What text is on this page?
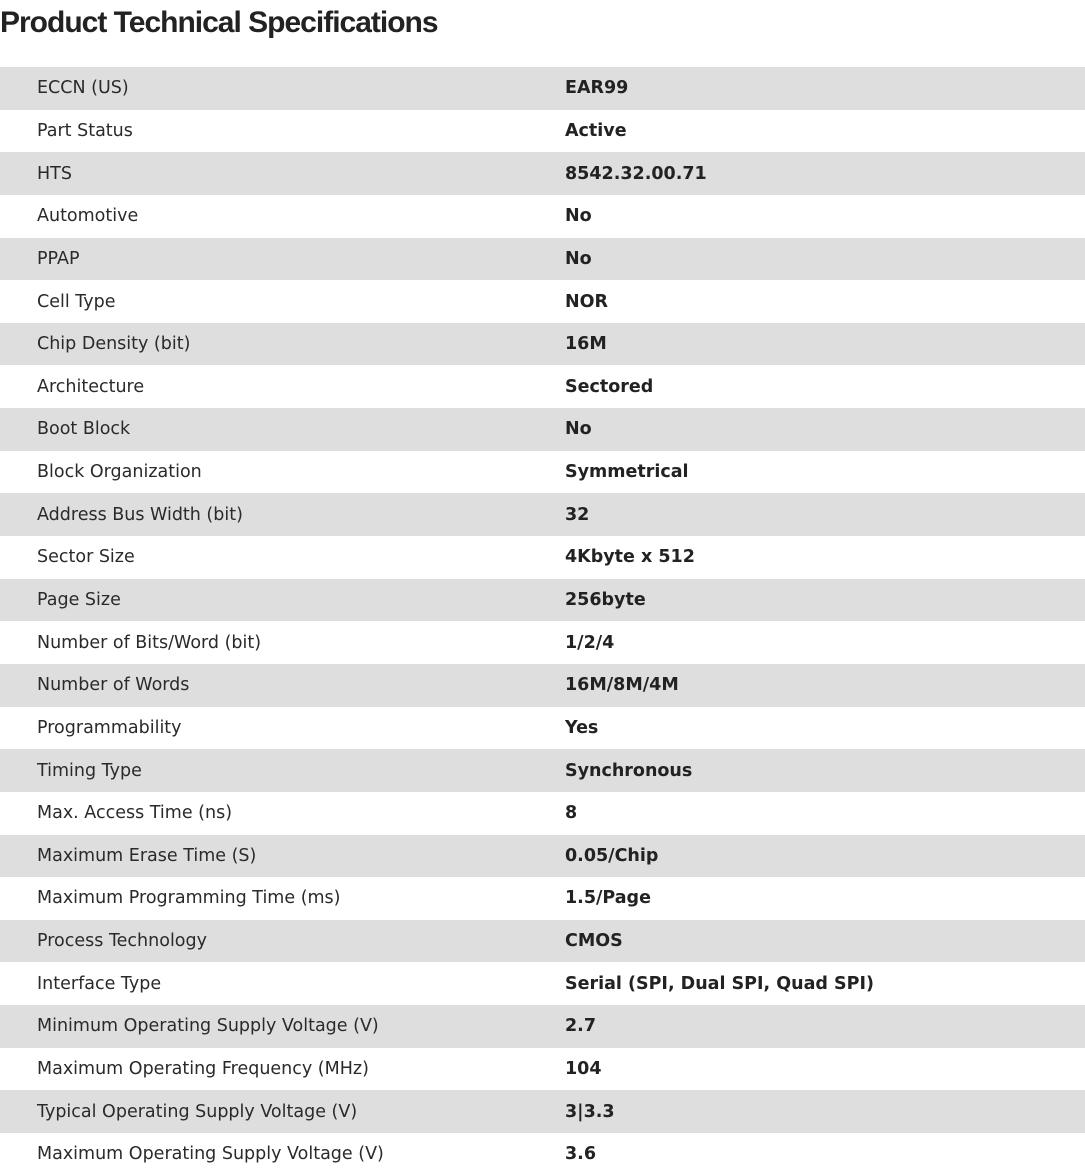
Product Technical Specifications
ECCN (US)	EAR99
Part Status	Active
HTS	8542.32.00.71
Automotive	No
PPAP	No
Cell Type	NOR
Chip Density (bit)	16M
Architecture	Sectored
Boot Block	No
Block Organization	Symmetrical
Address Bus Width (bit)	32
Sector Size	4Kbyte x 512
Page Size	256byte
Number of Bits/Word (bit)	1/2/4
Number of Words	16M/8M/4M
Programmability	Yes
Timing Type	Synchronous
Max. Access Time (ns)	8
Maximum Erase Time (S)	0.05/Chip
Maximum Programming Time (ms)	1.5/Page
Process Technology	CMOS
Interface Type	Serial (SPI, Dual SPI, Quad SPI)
Minimum Operating Supply Voltage (V)	2.7
Maximum Operating Frequency (MHz)	104
Typical Operating Supply Voltage (V)	3|3.3
Maximum Operating Supply Voltage (V)	3.6
